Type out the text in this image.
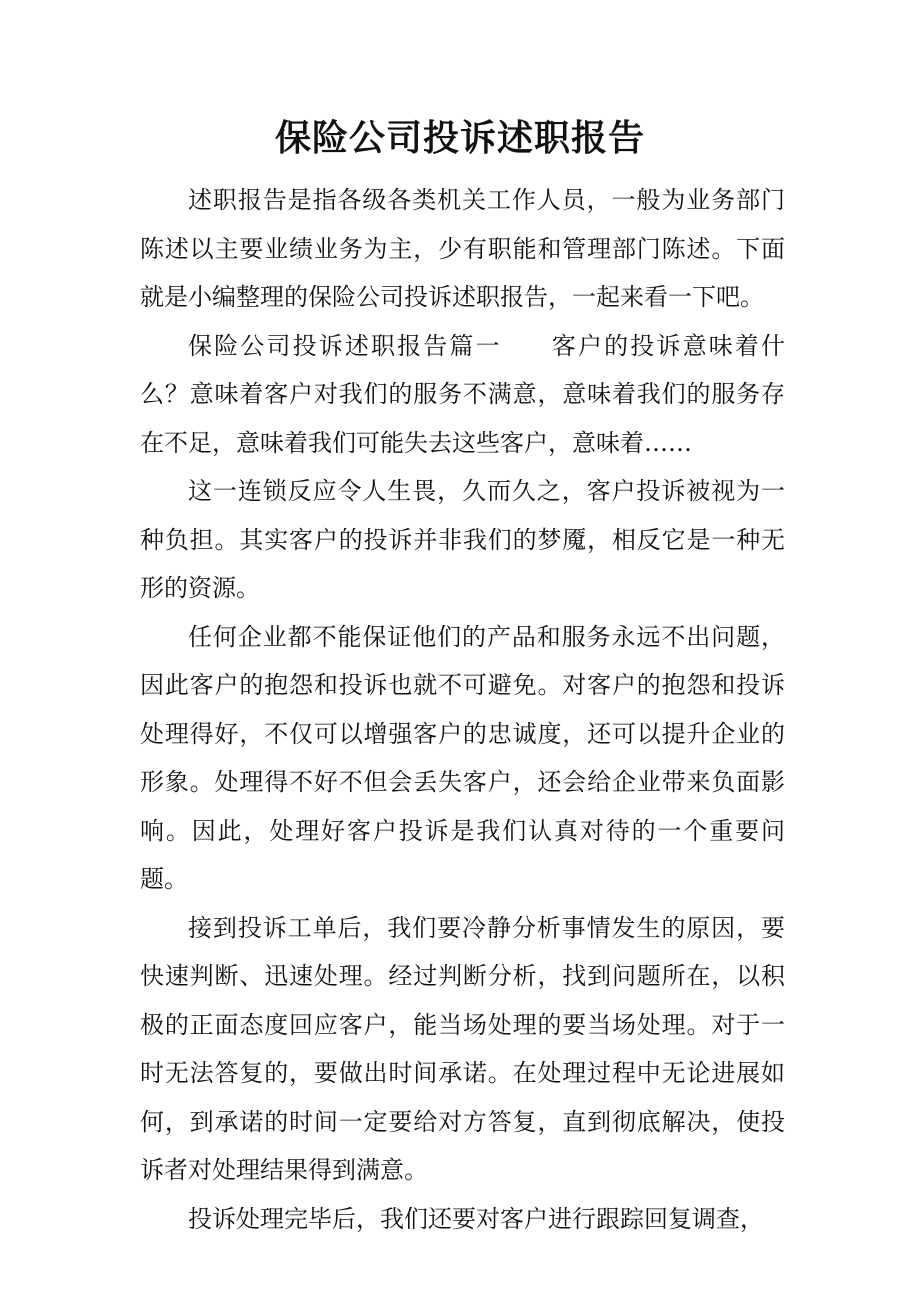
保险公司投诉述职报告

述职报告是指各级各类机关工作人员，一般为业务部门陈述以主要业绩业务为主，少有职能和管理部门陈述。下面就是小编整理的保险公司投诉述职报告，一起来看一下吧。

保险公司投诉述职报告篇一 客户的投诉意味着什么？意味着客户对我们的服务不满意，意味着我们的服务存在不足，意味着我们可能失去这些客户，意味着……

这一连锁反应令人生畏，久而久之，客户投诉被视为一种负担。其实客户的投诉并非我们的梦魇，相反它是一种无形的资源。

任何企业都不能保证他们的产品和服务永远不出问题，因此客户的抱怨和投诉也就不可避免。对客户的抱怨和投诉处理得好，不仅可以增强客户的忠诚度，还可以提升企业的形象。处理得不好不但会丢失客户，还会给企业带来负面影响。因此，处理好客户投诉是我们认真对待的一个重要问题。

接到投诉工单后，我们要冷静分析事情发生的原因，要快速判断、迅速处理。经过判断分析，找到问题所在，以积极的正面态度回应客户，能当场处理的要当场处理。对于一时无法答复的，要做出时间承诺。在处理过程中无论进展如何，到承诺的时间一定要给对方答复，直到彻底解决，使投诉者对处理结果得到满意。

投诉处理完毕后，我们还要对客户进行跟踪回复调查，
